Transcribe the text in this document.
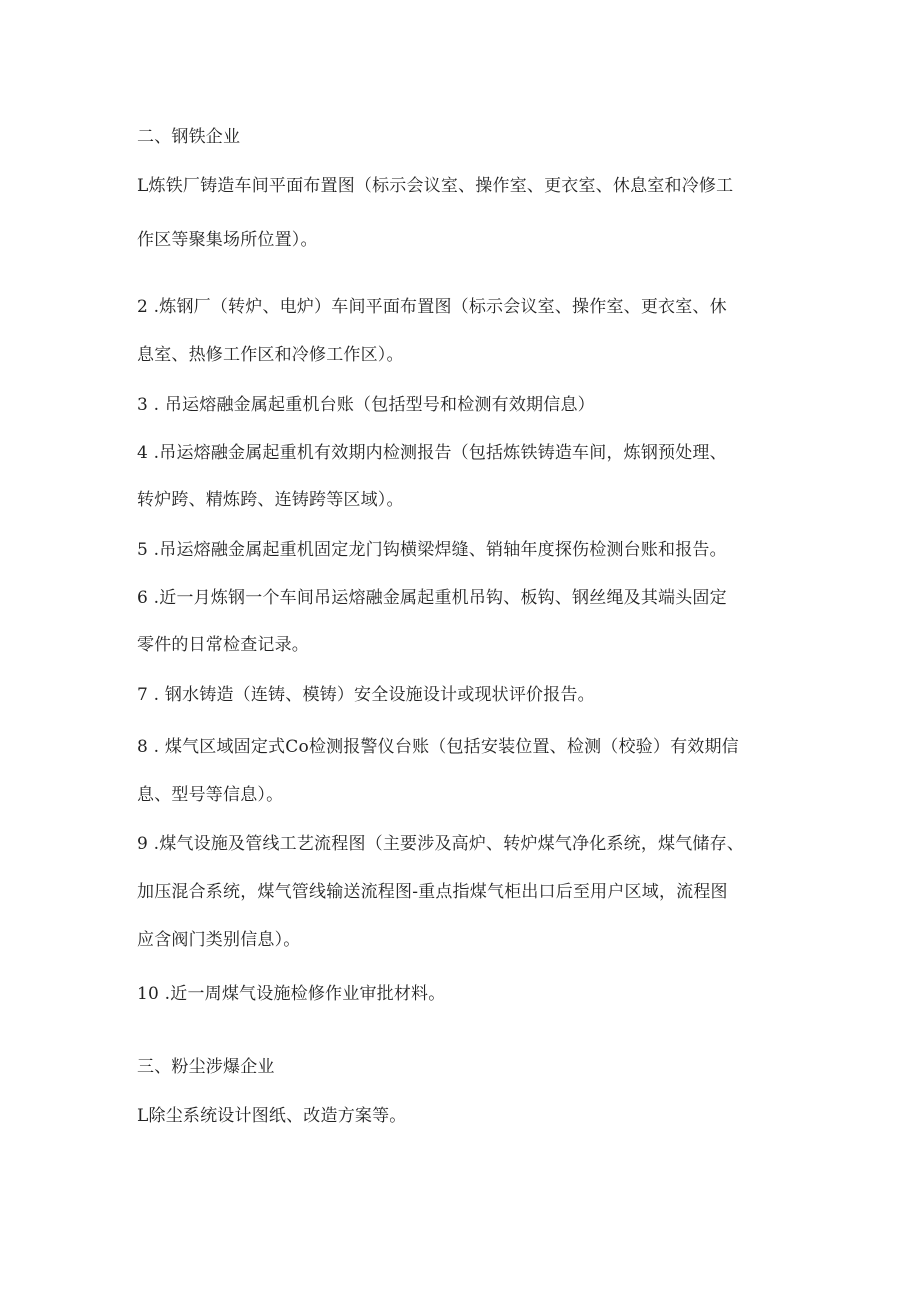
二、钢铁企业
L炼铁厂铸造车间平面布置图（标示会议室、操作室、更衣室、休息室和冷修工
作区等聚集场所位置）。
2 .炼钢厂（转炉、电炉）车间平面布置图（标示会议室、操作室、更衣室、休
息室、热修工作区和冷修工作区）。
3 . 吊运熔融金属起重机台账（包括型号和检测有效期信息）
4 .吊运熔融金属起重机有效期内检测报告（包括炼铁铸造车间，炼钢预处理、
转炉跨、精炼跨、连铸跨等区域）。
5 .吊运熔融金属起重机固定龙门钩横梁焊缝、销轴年度探伤检测台账和报告。
6 .近一月炼钢一个车间吊运熔融金属起重机吊钩、板钩、钢丝绳及其端头固定
零件的日常检查记录。
7 . 钢水铸造（连铸、模铸）安全设施设计或现状评价报告。
8 . 煤气区域固定式Co检测报警仪台账（包括安装位置、检测（校验）有效期信
息、型号等信息）。
9 .煤气设施及管线工艺流程图（主要涉及高炉、转炉煤气净化系统，煤气储存、
加压混合系统，煤气管线输送流程图-重点指煤气柜出口后至用户区域，流程图
应含阀门类别信息）。
10 .近一周煤气设施检修作业审批材料。
三、粉尘涉爆企业
L除尘系统设计图纸、改造方案等。
